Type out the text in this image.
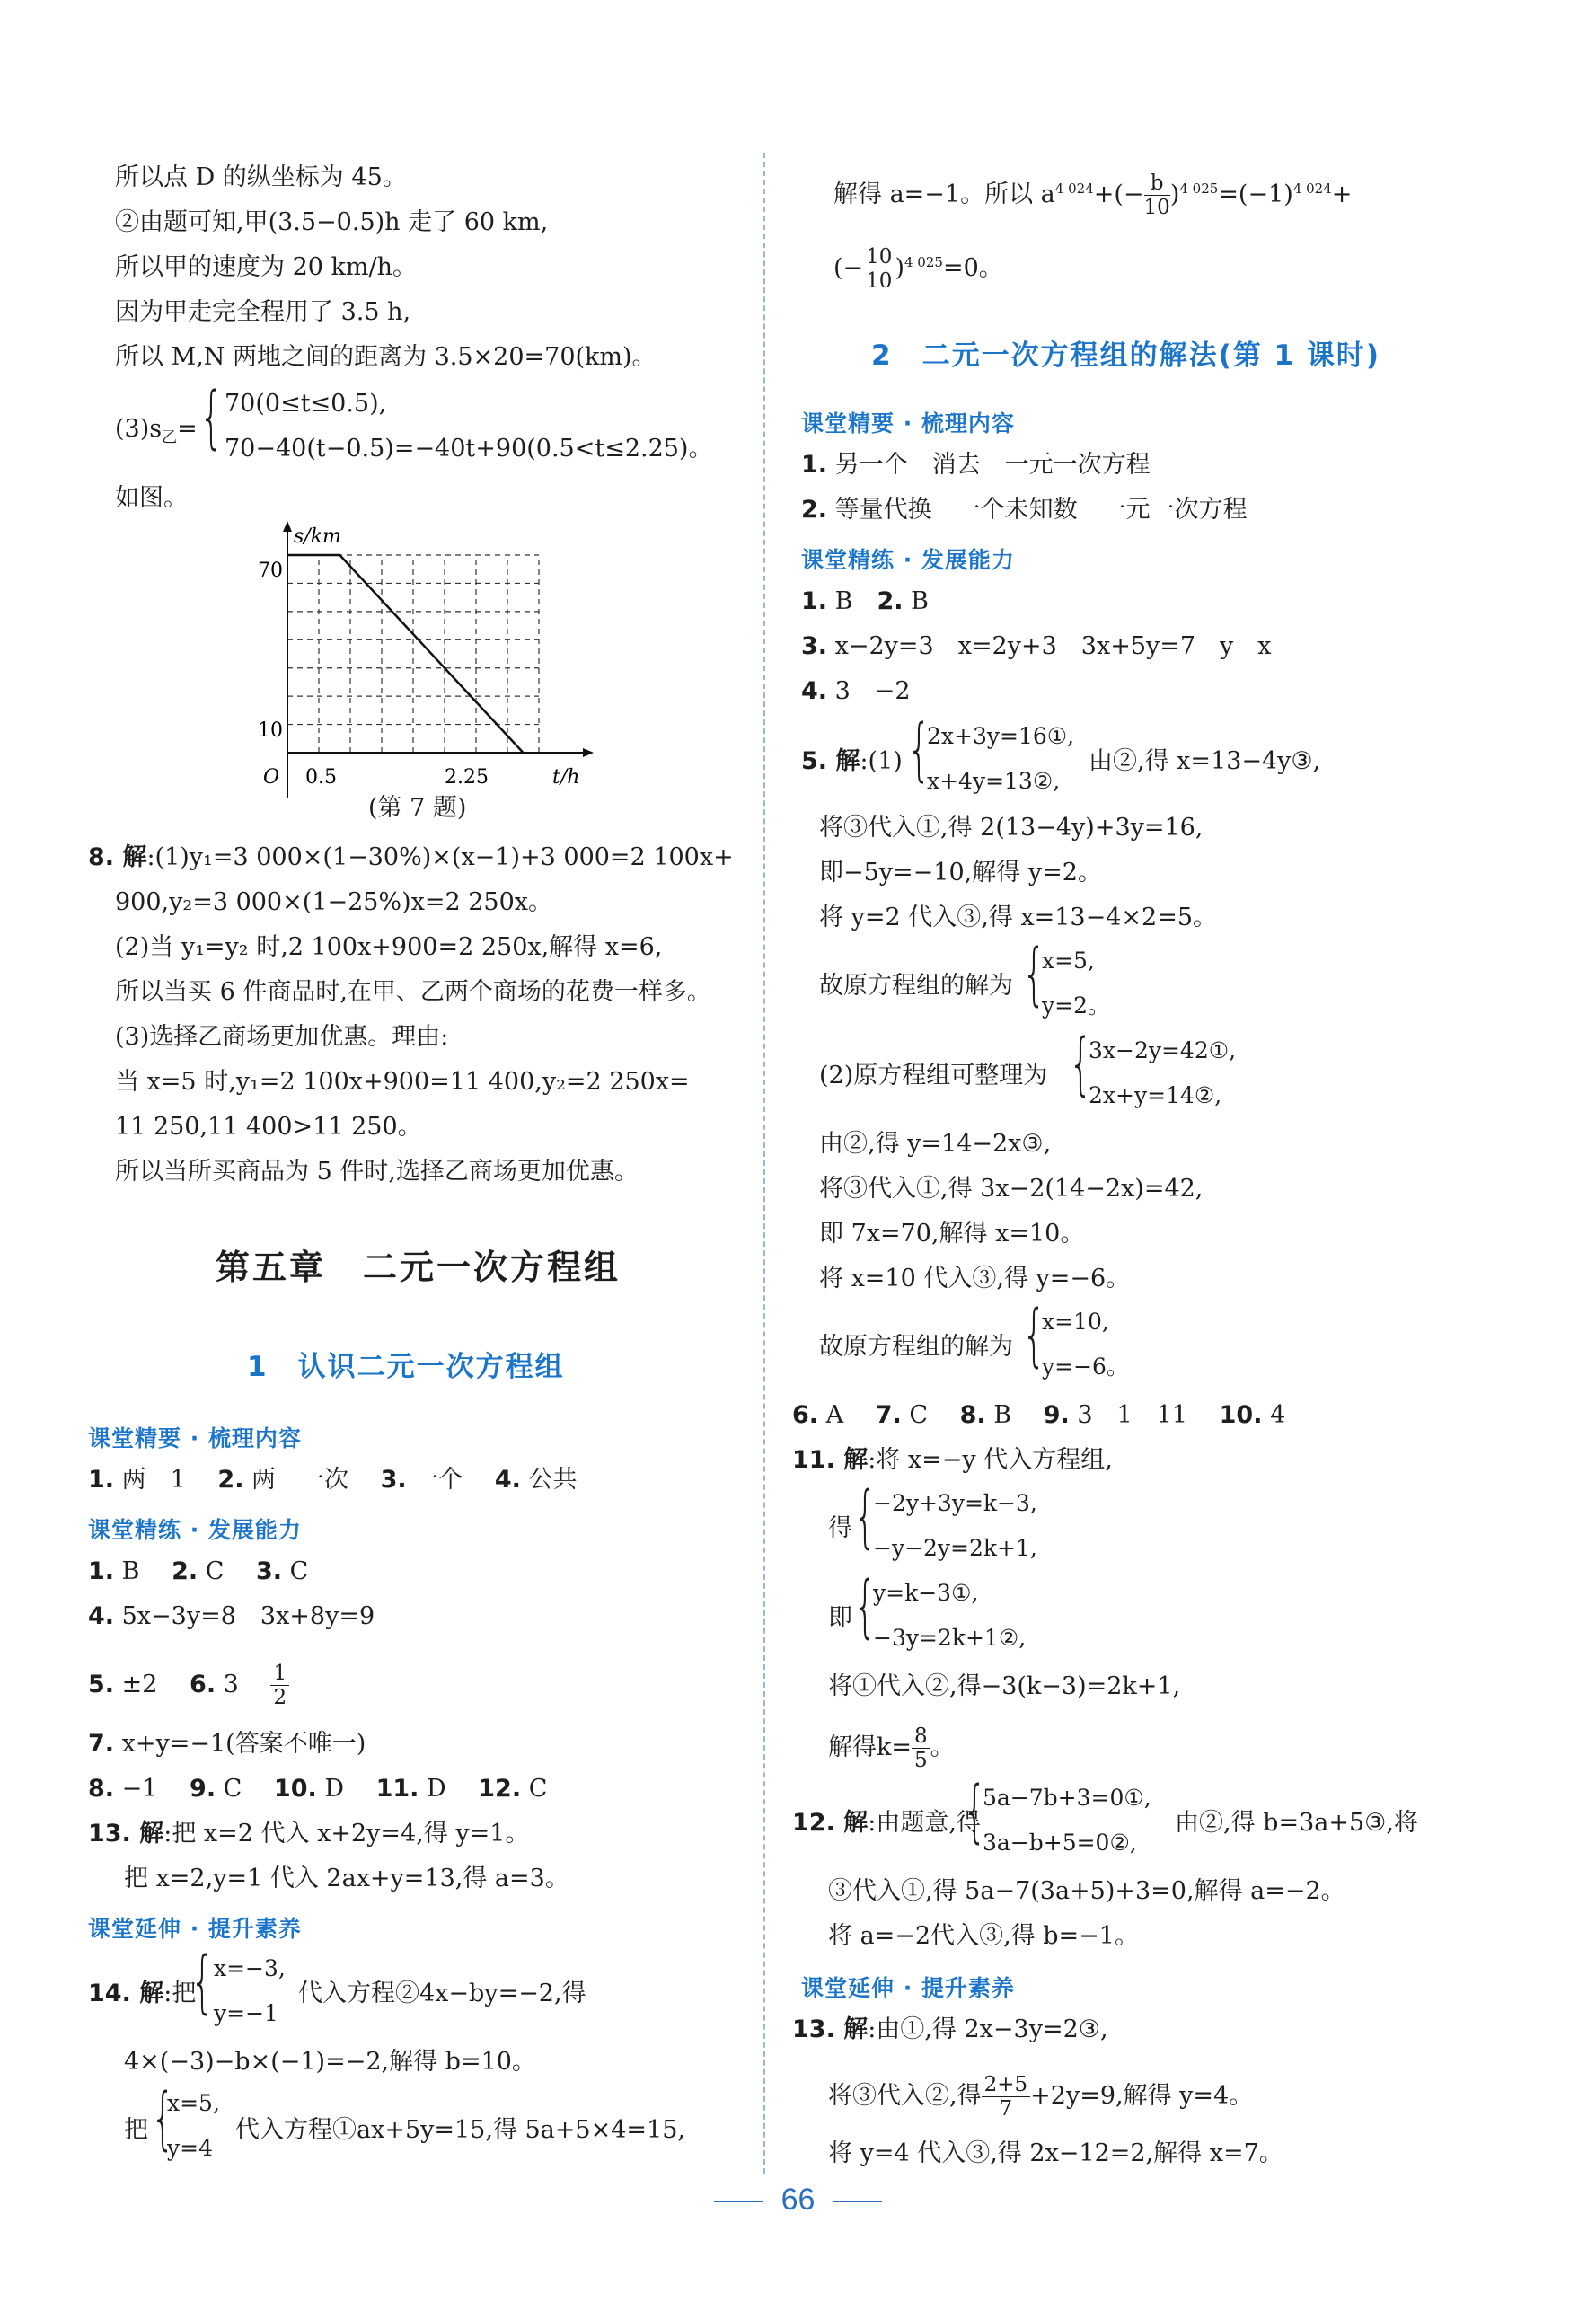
所以点 D 的纵坐标为 45。
②由题可知,甲(3.5−0.5)h 走了 60 km,
所以甲的速度为 20 km/h。
因为甲走完全程用了 3.5 h,
所以 M,N 两地之间的距离为 3.5×20=70(km)。
$(3)s_乙=$ { 70(0≤t≤0.5),
70−40(t−0.5)=−40t+90(0.5<t≤2.25)。
如图。
s/km
t/h
O
70
10
0.5	2.25
(第 7 题)
8. 解:(1)y₁=3 000×(1−30%)×(x−1)+3 000=2 100x+
900,y₂=3 000×(1−25%)x=2 250x。
(2)当 y₁=y₂ 时,2 100x+900=2 250x,解得 x=6,
所以当买 6 件商品时,在甲、乙两个商场的花费一样多。
(3)选择乙商场更加优惠。理由:
当 x=5 时,y₁=2 100x+900=11 400,y₂=2 250x=
11 250,11 400>11 250。
所以当所买商品为 5 件时,选择乙商场更加优惠。
第五章　二元一次方程组
1　认识二元一次方程组
课堂精要 · 梳理内容
1. 两　1　 2. 两　一次　 3. 一个　 4. 公共
课堂精练 · 发展能力
1. B　 2. C　 3. C
4. 5x−3y=8　3x+8y=9
5. ±2　 6. 3　 $\frac{1}{2}$
7. x+y=−1(答案不唯一)
8. −1　 9. C　 10. D　 11. D　 12. C
13. 解:把 x=2 代入 x+2y=4,得 y=1。
把 x=2,y=1 代入 2ax+y=13,得 a=3。
课堂延伸 · 提升素养
14. 解:把
{ x=−3,
y=−1
代入方程②4x−by=−2,得
4×(−3)−b×(−1)=−2,解得 b=10。
把 {
x=5,
y=4
代入方程①ax+5y=15,得 5a+5×4=15,
解得 a=−1。所以 $a^{4 024}+(- \frac{b}{10} )^{4 025}=(-1)^{4 024}+$
(− $\frac{10}{10} )^{4 025}=0$。
2　二元一次方程组的解法(第 1 课时)
课堂精要 · 梳理内容
1. 另一个　消去　一元一次方程
2. 等量代换　一个未知数　一元一次方程
课堂精练 · 发展能力
1. B　2. B
3. x−2y=3　x=2y+3　3x+5y=7　y　x
4. 3　−2
5. 解:(1) {
2x+3y=16①,
x+4y=13②,
由②,得 x=13−4y③,
将③代入①,得 2(13−4y)+3y=16,
即−5y=−10,解得 y=2。
将 y=2 代入③,得 x=13−4×2=5。
故原方程组的解为 {
x=5,
y=2。
(2)原方程组可整理为 {
3x−2y=42①,
2x+y=14②,
由②,得 y=14−2x③,
将③代入①,得 3x−2(14−2x)=42,
即 7x=70,解得 x=10。
将 x=10 代入③,得 y=−6。
故原方程组的解为 {
x=10,
y=−6。
6. A　 7. C　 8. B　 9. 3　1　11　 10. 4
11. 解:将 x=−y 代入方程组,
得 {
−2y+3y=k−3,
−y−2y=2k+1,
即 {
y=k−3①,
−3y=2k+1②,
将①代入②,得−3(k−3)=2k+1,
解得$k= \frac{8}{5}$ 。
12. 解:由题意,得
{
5a−7b+3=0①,
3a−b+5=0②,
由②,得 b=3a+5③,将
③代入①,得 5a−7(3a+5)+3=0,解得 a=−2。
将 a=−2代入③,得 b=−1。
课堂延伸 · 提升素养
13. 解:由①,得 2x−3y=2③,
将③代入②,得 $\frac{2+5}{7} +2y=9$,解得 y=4。
将 y=4 代入③,得 2x−12=2,解得 x=7。
66
